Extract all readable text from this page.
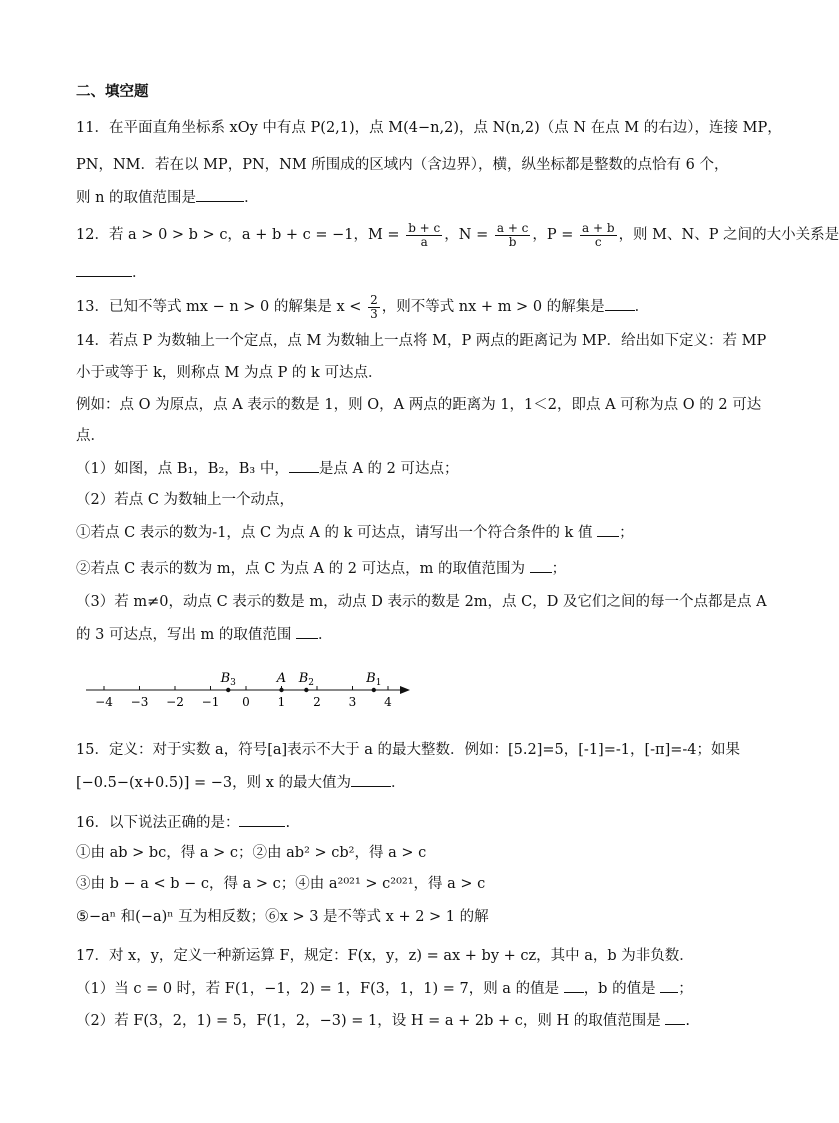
二、填空题
11．在平面直角坐标系 xOy 中有点 P(2,1)，点 M(4−n,2)，点 N(n,2)（点 N 在点 M 的右边），连接 MP，
PN，NM．若在以 MP，PN，NM 所围成的区域内（含边界），横，纵坐标都是整数的点恰有 6 个，
则 n 的取值范围是	．
12．若 a > 0 > b > c，a + b + c = −1，$M = \frac{b + c}{a}$ ，$N = \frac{a + c}{b}$ ，$P = \frac{a + b}{c}$ ，则 M、N、P 之间的大小关系是
．
13．已知不等式 mx − n > 0 的解集是 $x < \frac{2}{3}$ ，则不等式 nx + m > 0 的解集是 ．
14．若点 P 为数轴上一个定点，点 M 为数轴上一点将 M，P 两点的距离记为 MP．给出如下定义：若 MP
小于或等于 k，则称点 M 为点 P 的 k 可达点．
例如：点 O 为原点，点 A 表示的数是 1，则 O，A 两点的距离为 1，1＜2，即点 A 可称为点 O 的 2 可达
点．
（1）如图，点 B₁，B₂，B₃ 中， 是点 A 的 2 可达点；
（2）若点 C 为数轴上一个动点，
①若点 C 表示的数为-1，点 C 为点 A 的 k 可达点，请写出一个符合条件的 k 值 ；
②若点 C 表示的数为 m，点 C 为点 A 的 2 可达点，m 的取值范围为 ；
（3）若 m≠0，动点 C 表示的数是 m，动点 D 表示的数是 2m，点 C，D 及它们之间的每一个点都是点 A
的 3 可达点，写出 m 的取值范围 ．
−4 −3 −2 −1 0 1 2 3 4
$B_3$	A $B_2$	$B_1$
15．定义：对于实数 a，符号[a]表示不大于 a 的最大整数．例如：[5.2]=5，[-1]=-1，[-π]=-4；如果
[−0.5−(x+0.5)] = −3，则 x 的最大值为	．
16．以下说法正确的是：	.
①由 ab > bc，得 a > c；②由 ab² > cb²，得 a > c
③由 b − a < b − c，得 a > c；④由 a²⁰²¹ > c²⁰²¹，得 a > c
⑤−aⁿ 和(−a)ⁿ 互为相反数；⑥x > 3 是不等式 x + 2 > 1 的解
17．对 x，y，定义一种新运算 F，规定：F(x，y，z) = ax + by + cz，其中 a，b 为非负数．
（1）当 c = 0 时，若 F(1，−1，2) = 1，F(3，1，1) = 7，则 a 的值是 ，b 的值是 ；
（2）若 F(3，2，1) = 5，F(1，2，−3) = 1，设 H = a + 2b + c，则 H 的取值范围是 .
